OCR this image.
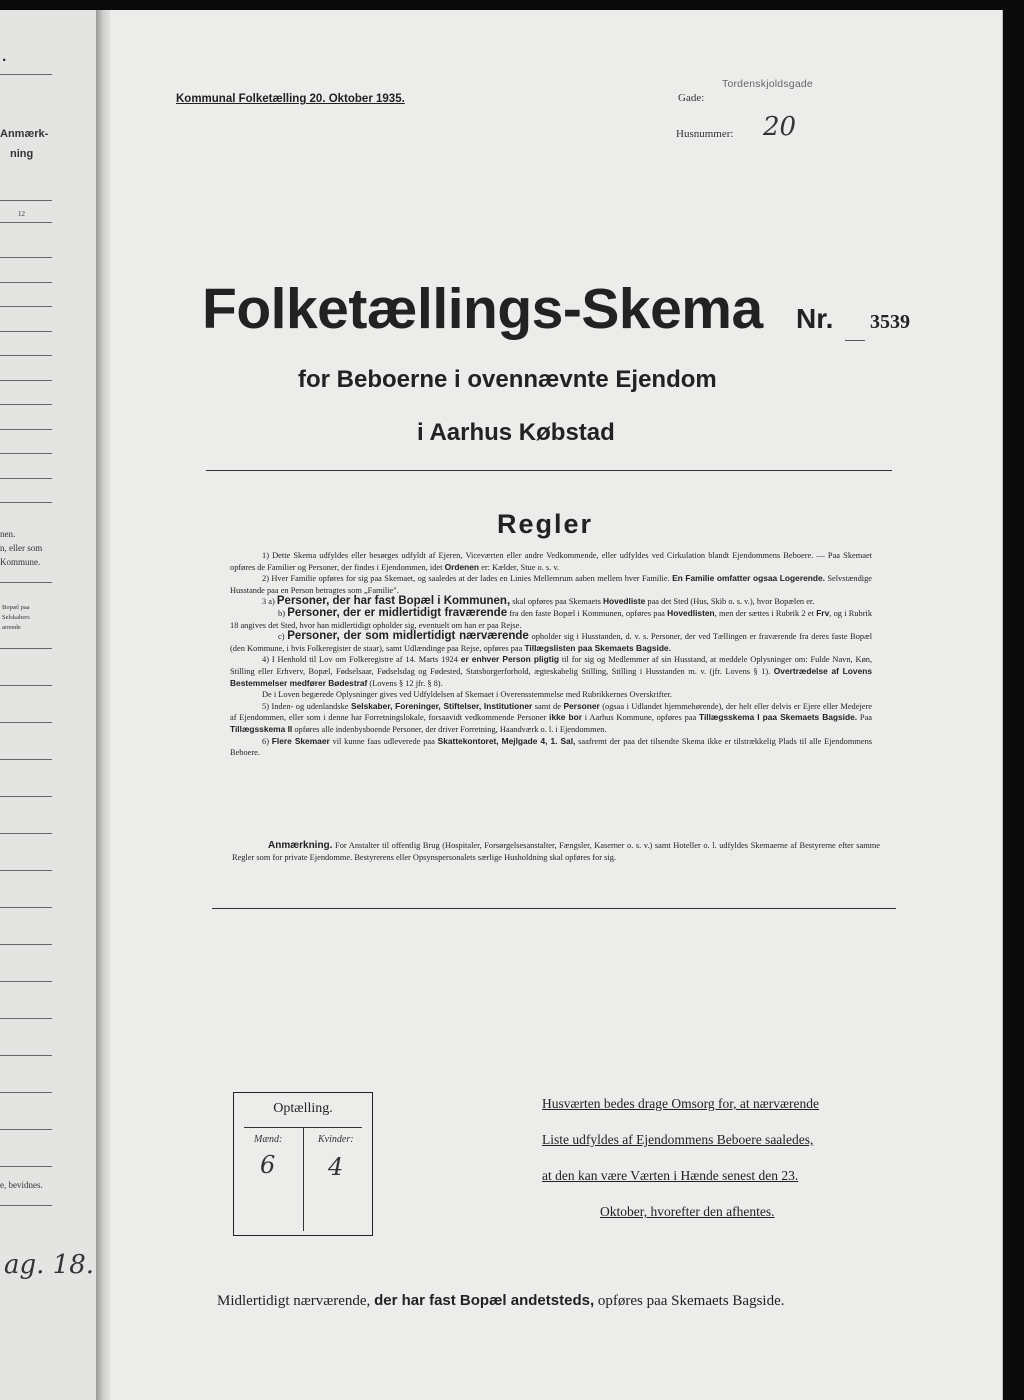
.
Anmærk-
ning
12
nen.
n, eller som
Kommune.
Bopæl paa
Selskabers
ærende
e, bevidnes.
ag. 18.
Kommunal Folketælling 20. Oktober 1935.	Gade:
Tordenskjoldsgade
Husnummer: 20
Folketællings-Skema Nr. 3539
for Beboerne i ovennævnte Ejendom
i Aarhus Købstad
Regler

1) Dette Skema udfyldes eller besørges udfyldt af Ejeren, Viceværten eller andre Vedkommende, eller udfyldes ved Cirkulation blandt Ejendommens Beboere. — Paa Skemaet opføres de Familier og Personer, der findes i Ejendommen, idet Ordenen er: Kælder, Stue o. s. v.

2) Hver Familie opføres for sig paa Skemaet, og saaledes at der lades en Linies Mellemrum aaben mellem hver Familie. En Familie omfatter ogsaa Logerende. Selvstændige Husstande paa en Person betragtes som „Familie".

3 a) Personer, der har fast Bopæl i Kommunen, skal opføres paa Skemaets Hovedliste paa det Sted (Hus, Skib o. s. v.), hvor Bopælen er.

b) Personer, der er midlertidigt fraværende fra den faste Bopæl i Kommunen, opføres paa Hovedlisten, men der sættes i Rubrik 2 et Frv, og i Rubrik 18 angives det Sted, hvor han midlertidigt opholder sig, eventuelt om han er paa Rejse.

c) Personer, der som midlertidigt nærværende opholder sig i Husstanden, d. v. s. Personer, der ved Tællingen er fraværende fra deres faste Bopæl (den Kommune, i hvis Folkeregister de staar), samt Udlændinge paa Rejse, opføres paa Tillægslisten paa Skemaets Bagside.

4) I Henhold til Lov om Folkeregistre af 14. Marts 1924 er enhver Person pligtig til for sig og Medlemmer af sin Husstand, at meddele Oplysninger om: Fulde Navn, Køn, Stilling eller Erhverv, Bopæl, Fødselsaar, Fødselsdag og Fødested, Statsborgerforhold, ægteskabelig Stilling, Stilling i Husstanden m. v. (jfr. Lovens § 1). Overtrædelse af Lovens Bestemmelser medfører Bødestraf (Lovens § 12 jfr. § 8).

De i Loven begærede Oplysninger gives ved Udfyldelsen af Skemaet i Overensstemmelse med Rubrikkernes Overskrifter.

5) Inden- og udenlandske Selskaber, Foreninger, Stiftelser, Institutioner samt de Personer (ogsaa i Udlandet hjemmehørende), der helt eller delvis er Ejere eller Medejere af Ejendommen, eller som i denne har Forretningslokale, forsaavidt vedkommende Personer ikke bor i Aarhus Kommune, opføres paa Tillægsskema I paa Skemaets Bagside. Paa Tillægsskema II opføres alle indenbysboende Personer, der driver Forretning, Haandværk o. l. i Ejendommen.

6) Flere Skemaer vil kunne faas udleverede paa Skattekontoret, Mejlgade 4, 1. Sal, saafremt der paa det tilsendte Skema ikke er tilstrækkelig Plads til alle Ejendommens Beboere.

Anmærkning. For Anstalter til offentlig Brug (Hospitaler, Forsørgelsesanstalter, Fængsler, Kaserner o. s. v.) samt Hoteller o. l. udfyldes Skemaerne af Bestyrerne efter samme Regler som for private Ejendomme. Bestyrerens eller Opsynspersonalets særlige Husholdning skal opføres for sig.

Optælling.
Mænd:	Kvinder:
6 4
Husværten bedes drage Omsorg for, at nærværende
Liste udfyldes af Ejendommens Beboere saaledes,
at den kan være Værten i Hænde senest den 23.
Oktober, hvorefter den afhentes.
Midlertidigt nærværende, der har fast Bopæl andetsteds, opføres paa Skemaets Bagside.
